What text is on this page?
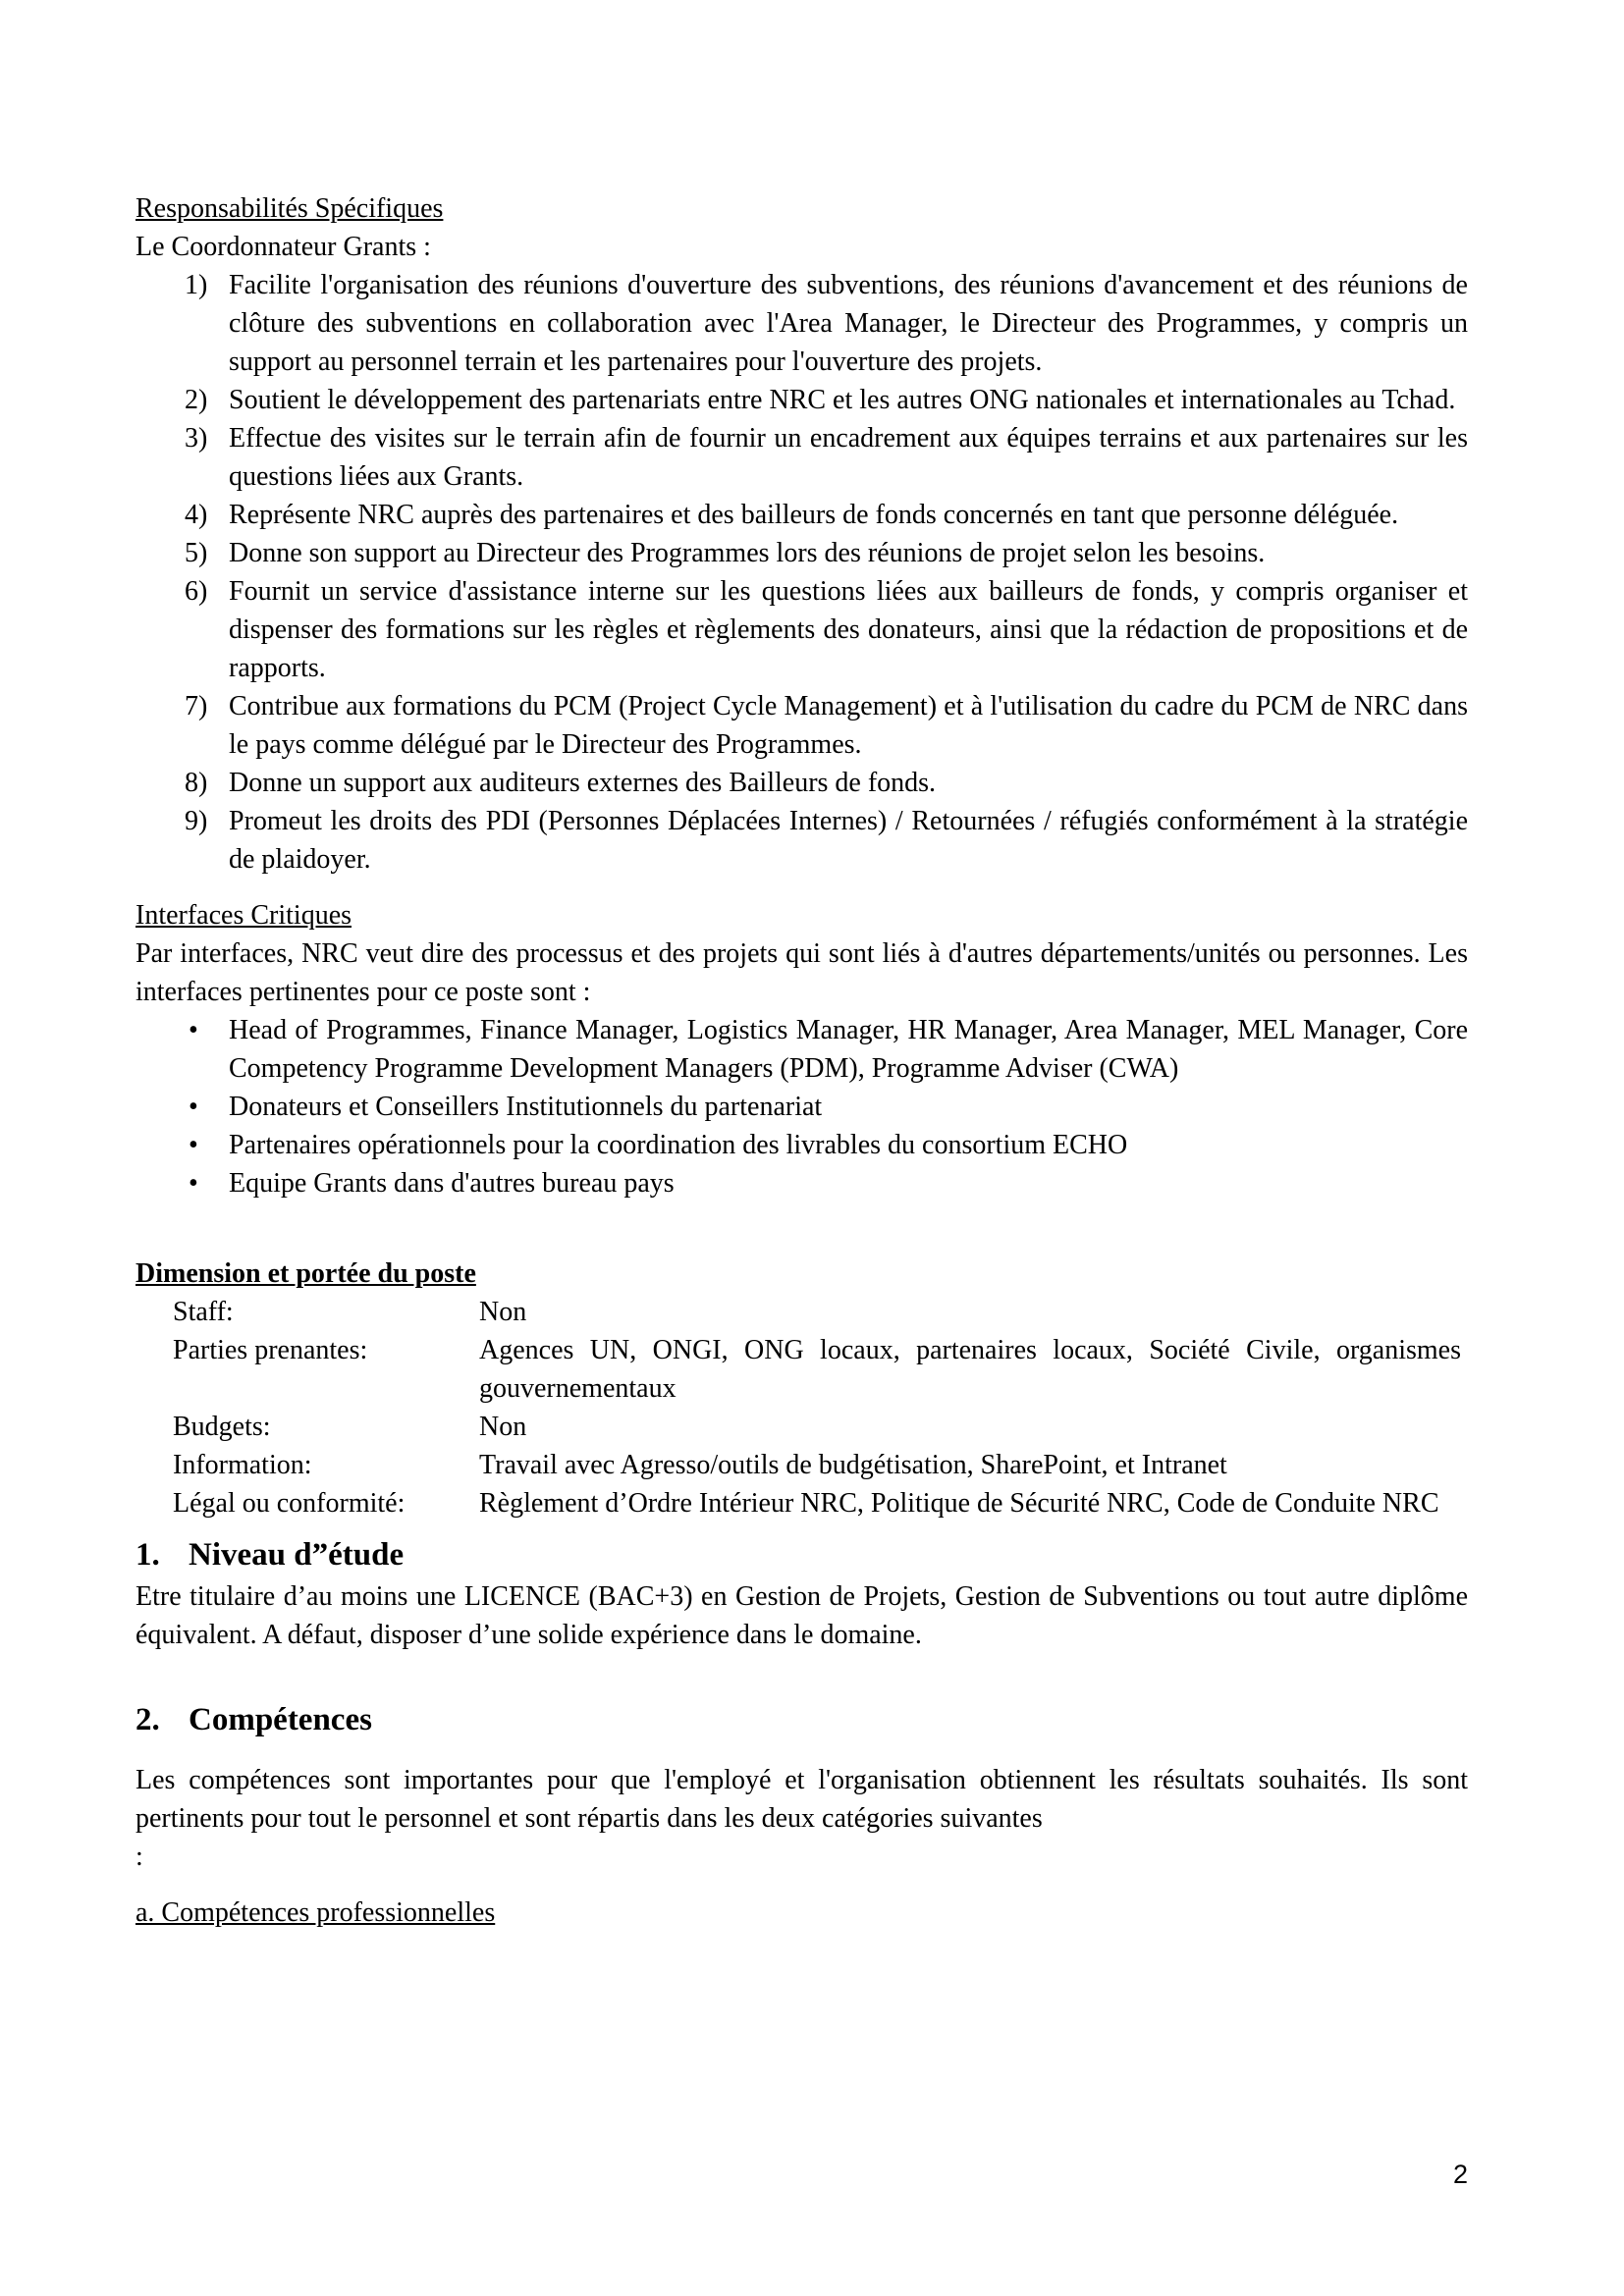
Responsabilités Spécifiques

Le Coordonnateur Grants :

Facilite l'organisation des réunions d'ouverture des subventions, des réunions d'avancement et des réunions de clôture des subventions en collaboration avec l'Area Manager, le Directeur des Programmes, y compris un support au personnel terrain et les partenaires pour l'ouverture des projets.
Soutient le développement des partenariats entre NRC et les autres ONG nationales et internationales au Tchad.
Effectue des visites sur le terrain afin de fournir un encadrement aux équipes terrains et aux partenaires sur les questions liées aux Grants.
Représente NRC auprès des partenaires et des bailleurs de fonds concernés en tant que personne déléguée.
Donne son support au Directeur des Programmes lors des réunions de projet selon les besoins.
Fournit un service d'assistance interne sur les questions liées aux bailleurs de fonds, y compris organiser et dispenser des formations sur les règles et règlements des donateurs, ainsi que la rédaction de propositions et de rapports.
Contribue aux formations du PCM (Project Cycle Management) et à l'utilisation du cadre du PCM de NRC dans le pays comme délégué par le Directeur des Programmes.
Donne un support aux auditeurs externes des Bailleurs de fonds.
Promeut les droits des PDI (Personnes Déplacées Internes) / Retournées / réfugiés conformément à la stratégie de plaidoyer.
Interfaces Critiques

Par interfaces, NRC veut dire des processus et des projets qui sont liés à d'autres départements/unités ou personnes. Les interfaces pertinentes pour ce poste sont :

• Head of Programmes, Finance Manager, Logistics Manager, HR Manager, Area Manager, MEL Manager, Core Competency Programme Development Managers (PDM), Programme Adviser (CWA)
• Donateurs et Conseillers Institutionnels du partenariat
• Partenaires opérationnels pour la coordination des livrables du consortium ECHO
• Equipe Grants dans d'autres bureau pays
Dimension et portée du poste
Staff:	Non
Parties prenantes:	Agences UN, ONGI, ONG locaux, partenaires locaux, Société Civile, organismes gouvernementaux
Budgets:	Non
Information:	Travail avec Agresso/outils de budgétisation, SharePoint, et Intranet
Légal ou conformité:	Règlement d’Ordre Intérieur NRC, Politique de Sécurité NRC, Code de Conduite NRC
1. Niveau d”étude

Etre titulaire d’au moins une LICENCE (BAC+3) en Gestion de Projets, Gestion de Subventions ou tout autre diplôme équivalent. A défaut, disposer d’une solide expérience dans le domaine.

2. Compétences

Les compétences sont importantes pour que l'employé et l'organisation obtiennent les résultats souhaités. Ils sont pertinents pour tout le personnel et sont répartis dans les deux catégories suivantes

:
a. Compétences professionnelles
2
